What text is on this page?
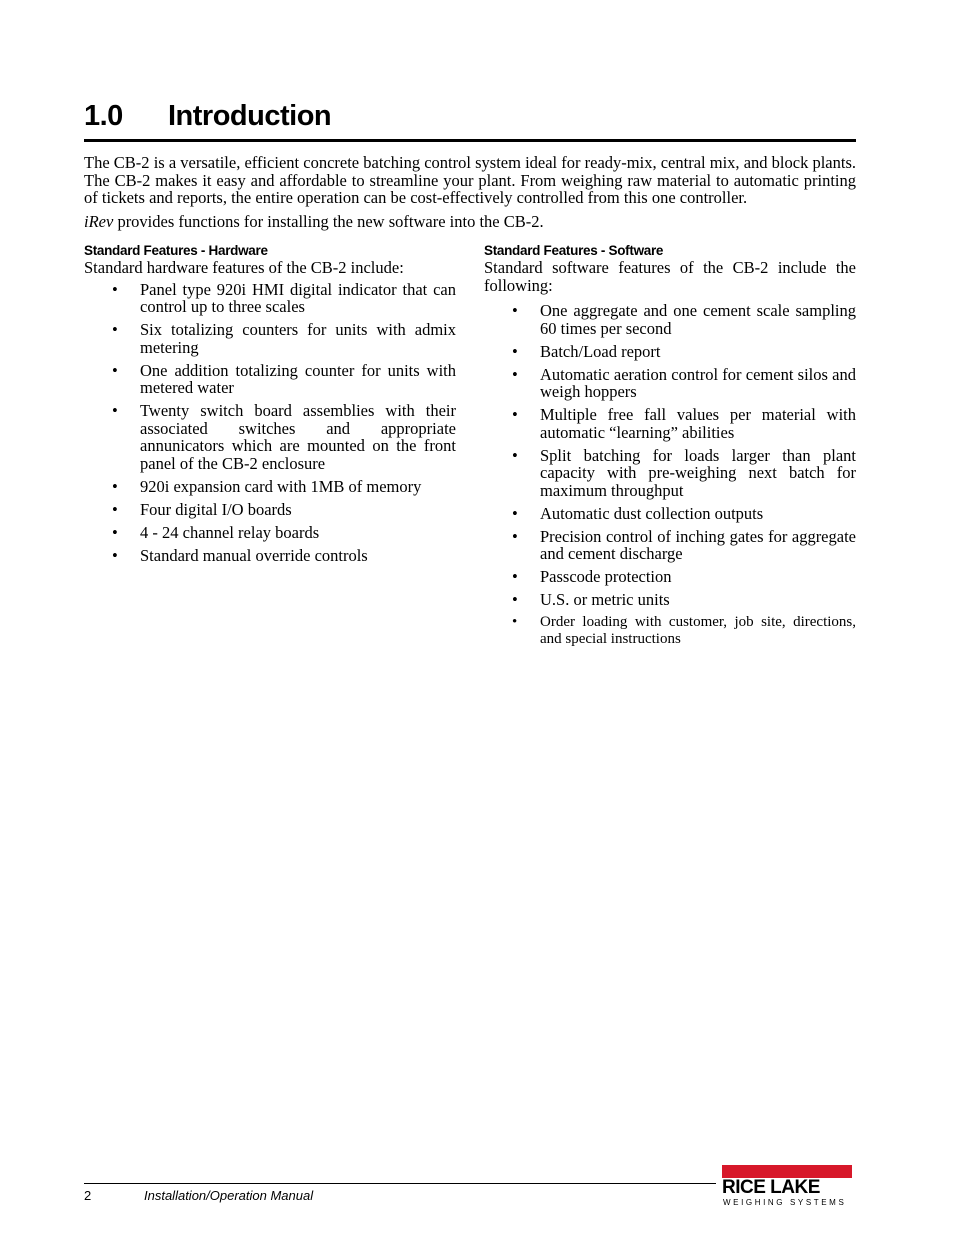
1.0 Introduction

The CB-2 is a versatile, efficient concrete batching control system ideal for ready-mix, central mix, and block plants. The CB-2 makes it easy and affordable to streamline your plant. From weighing raw material to automatic printing of tickets and reports, the entire operation can be cost-effectively controlled from this one controller.

iRev provides functions for installing the new software into the CB-2.

Standard Features - Hardware

Standard hardware features of the CB-2 include:

• Panel type 920i HMI digital indicator that can control up to three scales
• Six totalizing counters for units with admix metering
• One addition totalizing counter for units with metered water
• Twenty switch board assemblies with their associated switches and appropriate annunicators which are mounted on the front panel of the CB-2 enclosure
• 920i expansion card with 1MB of memory
• Four digital I/O boards
• 4 - 24 channel relay boards
• Standard manual override controls
Standard Features - Software

Standard software features of the CB-2 include the following:

• One aggregate and one cement scale sampling 60 times per second
• Batch/Load report
• Automatic aeration control for cement silos and weigh hoppers
• Multiple free fall values per material with automatic “learning” abilities
• Split batching for loads larger than plant capacity with pre-weighing next batch for maximum throughput
• Automatic dust collection outputs
• Precision control of inching gates for aggregate and cement discharge
• Passcode protection
• U.S. or metric units
• Order loading with customer, job site, directions, and special instructions
2	Installation/Operation Manual	RICE LAKE
WEIGHING SYSTEMS
